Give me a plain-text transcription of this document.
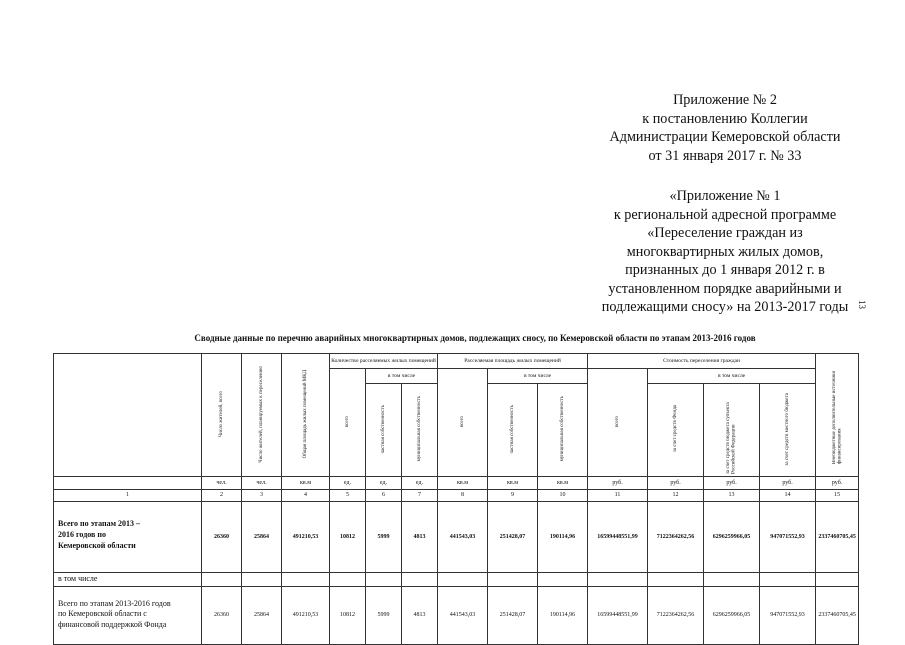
Приложение № 2
к постановлению Коллегии
Администрации Кемеровской области
от 31 января 2017 г. № 33
«Приложение № 1
к региональной адресной программе
«Переселение граждан из
многоквартирных жилых домов,
признанных до 1 января 2012 г. в
установленном порядке аварийными и
подлежащими сносу» на 2013-2017 годы 13
Сводные данные по перечню аварийных многоквартирных домов, подлежащих сносу, по Кемеровской области по этапам 2013-2016 годов
	Число жителей, всего	Число жителей, планируемых к переселению	Общая площадь жилых помещений МКД	Количество расселяемых жилых помещений			Расселяемая площадь жилых помещений			Стоимость переселения граждан				Внебюджетные дополнительные источники финансирования
				всего	в том числе		всего	в том числе		всего	в том числе			
					частная собственность	муниципальная собственность		частная собственность	муниципальная собственность		за счет средств Фонда	за счет средств бюджета субъекта Российской Федерации	за счет средств местного бюджета	
	чел.	чел.	кв.м	ед.	ед.	ед.	кв.м	кв.м	кв.м	руб.	руб.	руб.	руб.	руб.
1	2	3	4	5	6	7	8	9	10	11	12	13	14	15

Всего по этапам 2013 –
2016 годов по
Кемеровской области	26360	25864	491210,53	10812	5999	4813	441543,03	251428,07	190114,96	16599448551,99	7122364262,56	6296259966,05	947071552,93	2337460705,45
в том числе														

Всего по этапам 2013-2016 годов
по Кемеровской области с
финансовой поддержкой Фонда	26360	25864	491210,53	10812	5999	4813	441543,03	251428,07	190114,96	16599448551,99	7122364262,56	6296259966,05	947071552,93	2337460705,45
